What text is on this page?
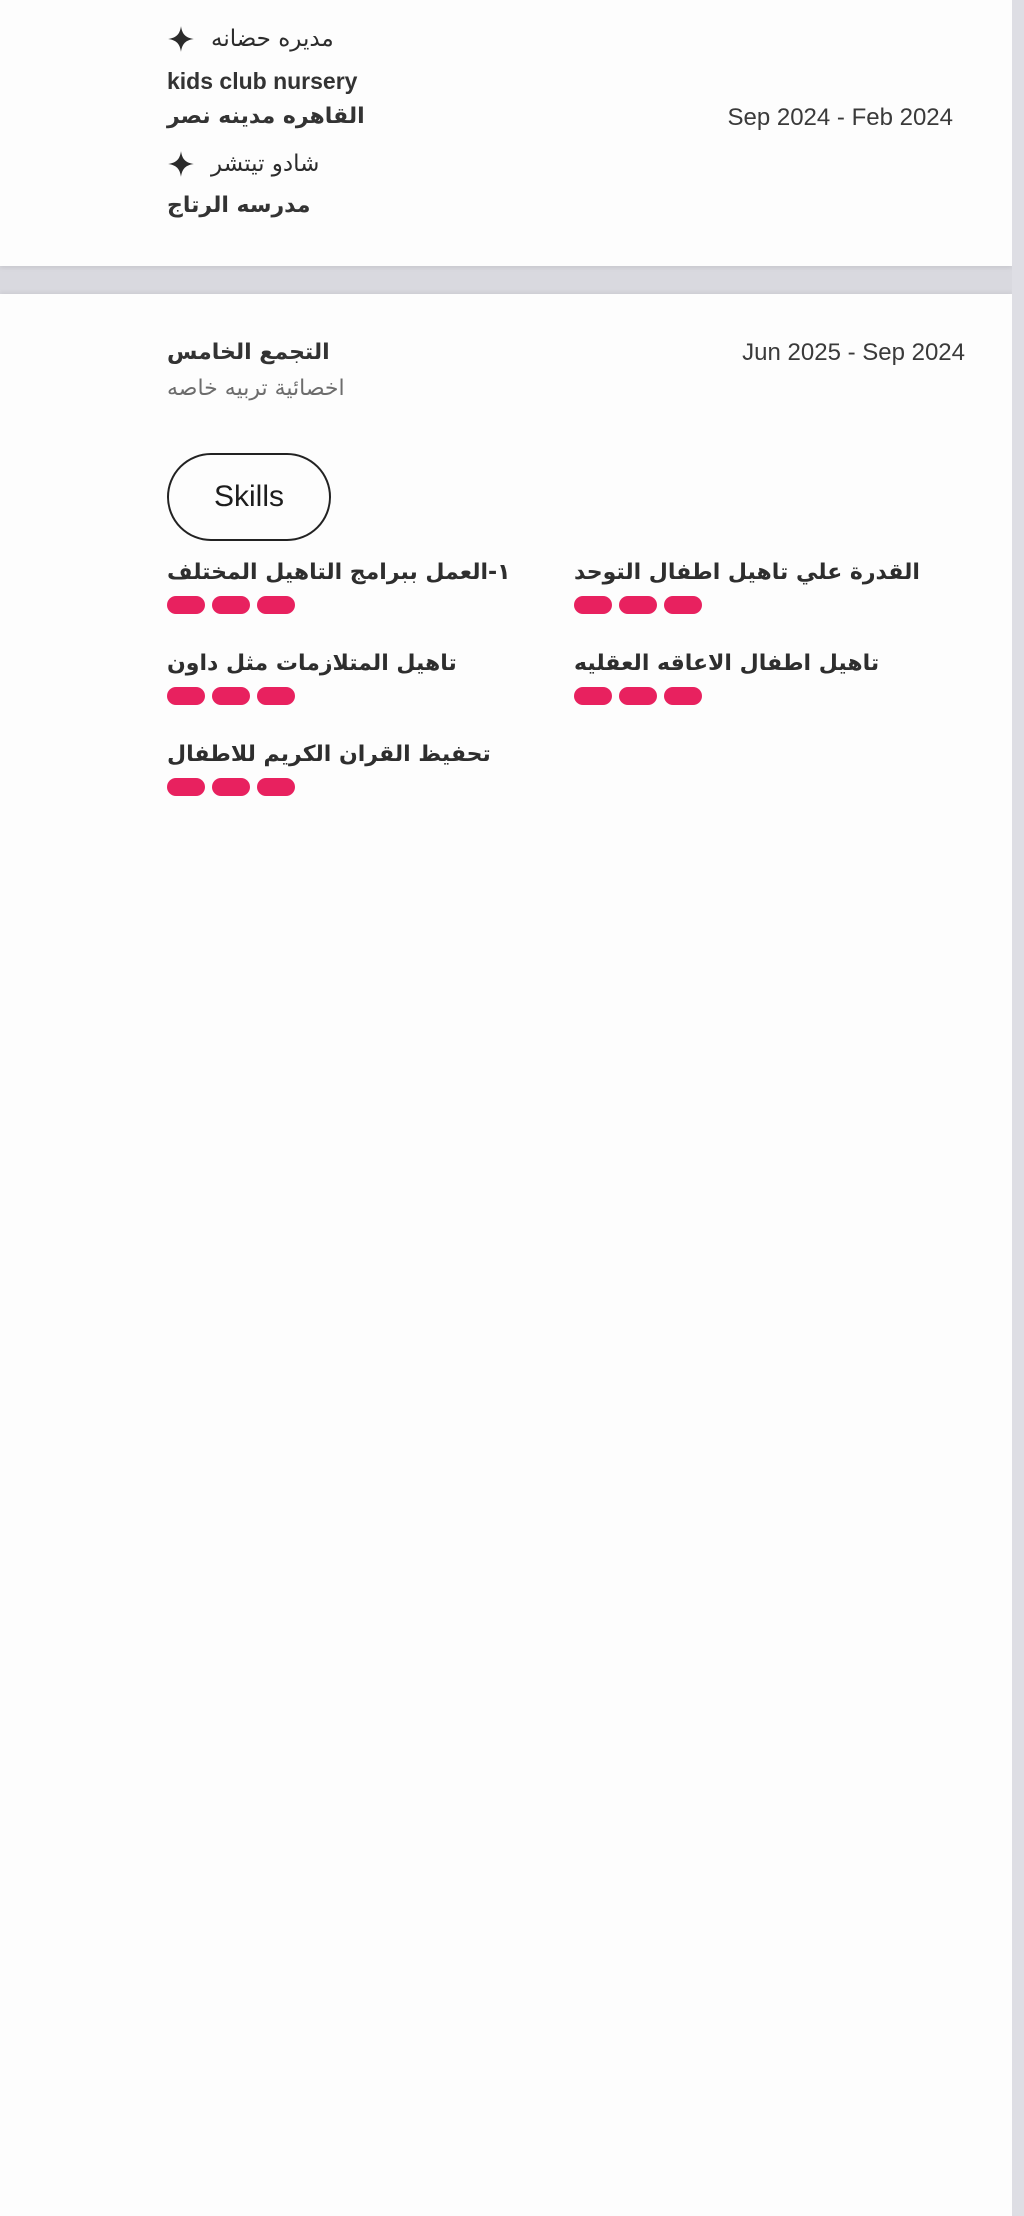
مديره حضانه
kids club nursery
القاهره مدينه نصر	Sep 2024 - Feb 2024
شادو تيتشر
مدرسه الرتاج
التجمع الخامس
اخصائية تربيه خاصه
Jun 2025 - Sep 2024
Skills
١-العمل ببرامج التاهيل المختلف	القدرة علي تاهيل اطفال التوحد
تاهيل المتلازمات مثل داون	تاهيل اطفال الاعاقه العقليه
تحفيظ القران الكريم للاطفال
